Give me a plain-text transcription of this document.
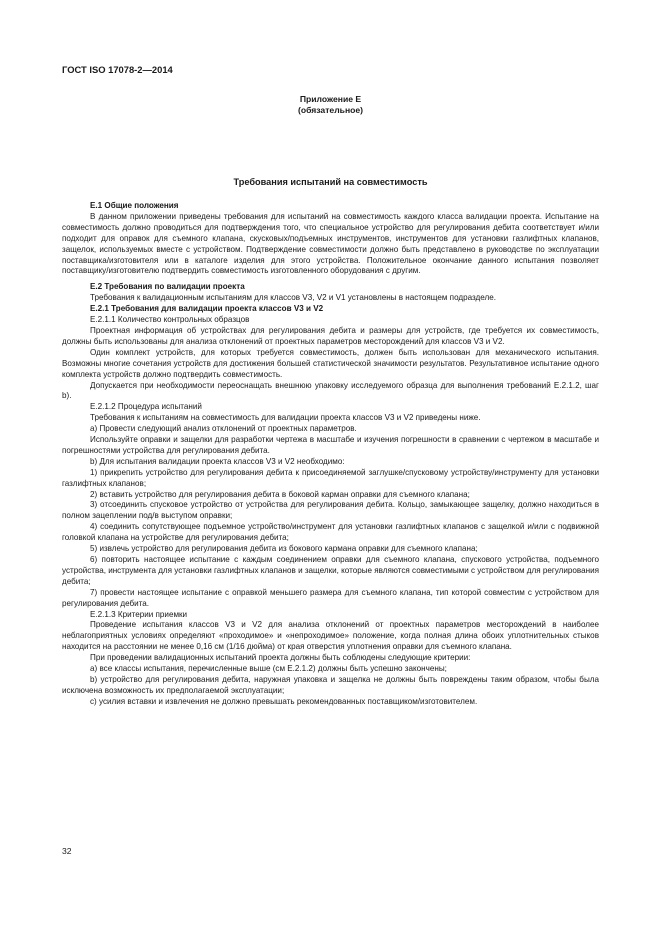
ГОСТ ISO 17078-2—2014
Приложение E
(обязательное)
Требования испытаний на совместимость

E.1 Общие положения

В данном приложении приведены требования для испытаний на совместимость каждого класса валидации проекта. Испытание на совместимость должно проводиться для подтверждения того, что специальное устройство для регулирования дебита соответствует и/или подходит для оправок для съемного клапана, скусковых/подъемных инструментов, инструментов для установки газлифтных клапанов, защелок, используемых вместе с устройством. Подтверждение совместимости должно быть представлено в руководстве по эксплуатации поставщика/изготовителя или в каталоге изделия для этого устройства. Положительное окончание данного испытания позволяет поставщику/изготовителю подтвердить совместимость изготовленного оборудования с другим.

E.2 Требования по валидации проекта

Требования к валидационным испытаниям для классов V3, V2 и V1 установлены в настоящем подразделе.

E.2.1 Требования для валидации проекта классов V3 и V2

E.2.1.1 Количество контрольных образцов

Проектная информация об устройствах для регулирования дебита и размеры для устройств, где требуется их совместимость, должны быть использованы для анализа отклонений от проектных параметров месторождений для классов V3 и V2.

Один комплект устройств, для которых требуется совместимость, должен быть использован для механического испытания. Возможны многие сочетания устройств для достижения большей статистической значимости результатов. Результативное испытание одного комплекта устройств должно подтвердить совместимость.

Допускается при необходимости переоснащать внешнюю упаковку исследуемого образца для выполнения требований E.2.1.2, шаг b).

E.2.1.2 Процедура испытаний

Требования к испытаниям на совместимость для валидации проекта классов V3 и V2 приведены ниже.

a) Провести следующий анализ отклонений от проектных параметров.

Используйте оправки и защелки для разработки чертежа в масштабе и изучения погрешности в сравнении с чертежом в масштабе и погрешностями устройства для регулирования дебита.

b) Для испытания валидации проекта классов V3 и V2 необходимо:

1) прикрепить устройство для регулирования дебита к присоединяемой заглушке/спусковому устройству/инструменту для установки газлифтных клапанов;

2) вставить устройство для регулирования дебита в боковой карман оправки для съемного клапана;

3) отсоединить спусковое устройство от устройства для регулирования дебита. Кольцо, замыкающее защелку, должно находиться в полном зацеплении под/в выступом оправки;

4) соединить сопутствующее подъемное устройство/инструмент для установки газлифтных клапанов с защелкой и/или с подвижной головкой клапана на устройстве для регулирования дебита;

5) извлечь устройство для регулирования дебита из бокового кармана оправки для съемного клапана;

6) повторить настоящее испытание с каждым соединением оправки для съемного клапана, спускового устройства, подъемного устройства, инструмента для установки газлифтных клапанов и защелки, которые являются совместимыми с устройством для регулирования дебита;

7) провести настоящее испытание с оправкой меньшего размера для съемного клапана, тип которой совместим с устройством для регулирования дебита.

E.2.1.3 Критерии приемки

Проведение испытания классов V3 и V2 для анализа отклонений от проектных параметров месторождений в наиболее неблагоприятных условиях определяют «проходимое» и «непроходимое» положение, когда полная длина обоих уплотнительных стыков находится на расстоянии не менее 0,16 см (1/16 дюйма) от края отверстия уплотнения оправки для съемного клапана.

При проведении валидационных испытаний проекта должны быть соблюдены следующие критерии:

a) все классы испытания, перечисленные выше (см E.2.1.2) должны быть успешно закончены;

b) устройство для регулирования дебита, наружная упаковка и защелка не должны быть повреждены таким образом, чтобы была исключена возможность их предполагаемой эксплуатации;

c) усилия вставки и извлечения не должно превышать рекомендованных поставщиком/изготовителем.

32
